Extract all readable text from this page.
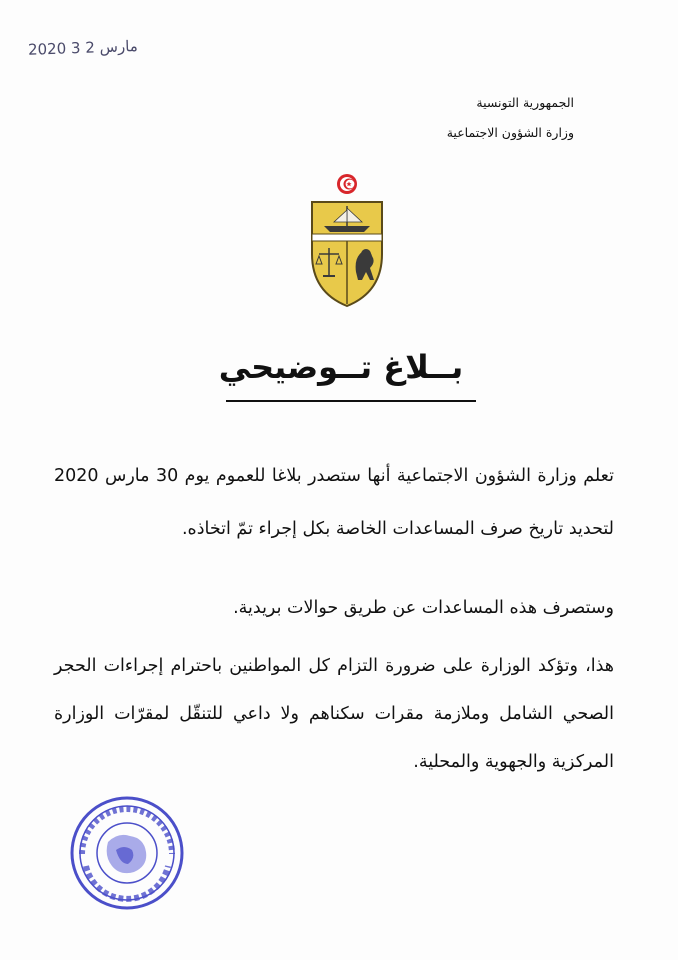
2020 مارس 2 3
الجمهورية التونسية
وزارة الشؤون الاجتماعية
بــلاغ تــوضيحي
تعلم وزارة الشؤون الاجتماعية أنها ستصدر بلاغا للعموم يوم 30 مارس 2020 لتحديد تاريخ صرف المساعدات الخاصة بكل إجراء تمّ اتخاذه.
وستصرف هذه المساعدات عن طريق حوالات بريدية.
هذا، وتؤكد الوزارة على ضرورة التزام كل المواطنين باحترام إجراءات الحجر الصحي الشامل وملازمة مقرات سكناهم ولا داعي للتنقّل لمقرّات الوزارة المركزية والجهوية والمحلية.
